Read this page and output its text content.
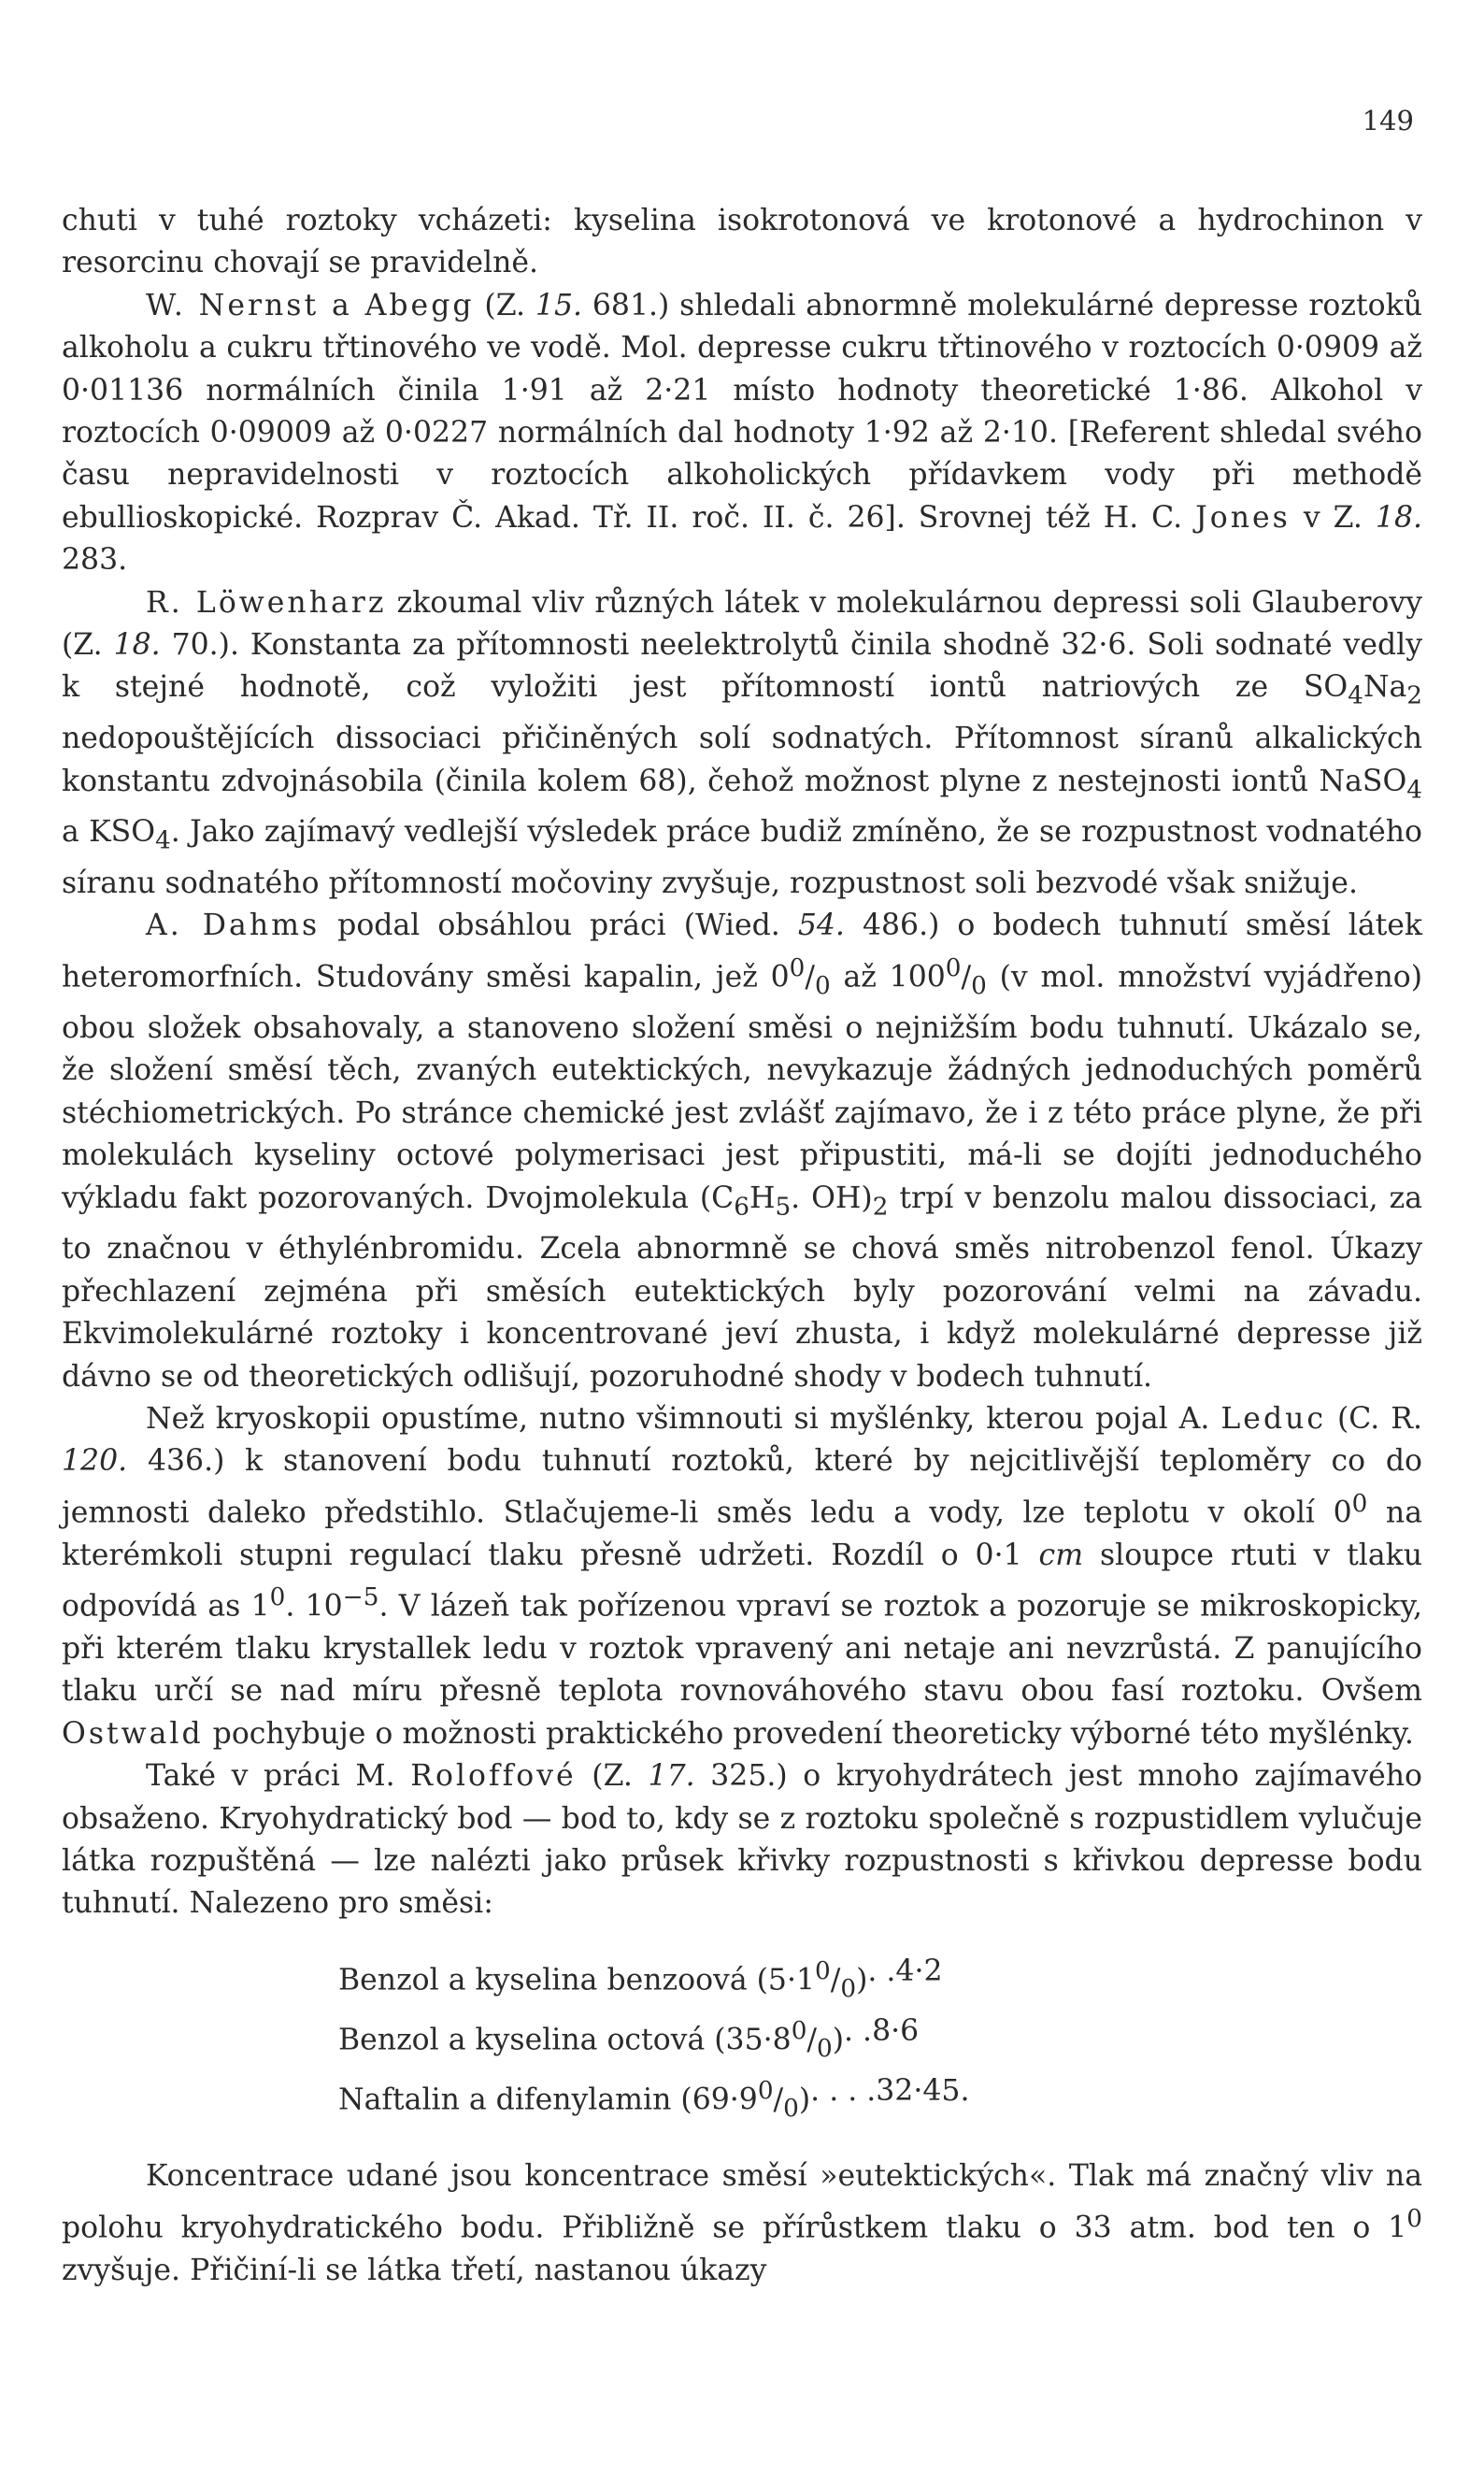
149

chuti v tuhé roztoky vcházeti: kyselina isokrotonová ve krotonové a hydrochinon v resorcinu chovají se pravidelně.

W. Nernst a Abegg (Z. 15. 681.) shledali abnormně molekulárné depresse roztoků alkoholu a cukru třtinového ve vodě. Mol. depresse cukru třtinového v roztocích 0·0909 až 0·01136 normálních činila 1·91 až 2·21 místo hodnoty theoretické 1·86. Alkohol v roztocích 0·09009 až 0·0227 normálních dal hodnoty 1·92 až 2·10. [Referent shledal svého času nepravidelnosti v roztocích alkoholických přídavkem vody při methodě ebullioskopické. Rozprav Č. Akad. Tř. II. roč. II. č. 26]. Srovnej též H. C. Jones v Z. 18. 283.

R. Löwenharz zkoumal vliv různých látek v molekulárnou depressi soli Glauberovy (Z. 18. 70.). Konstanta za přítomnosti neelektrolytů činila shodně 32·6. Soli sodnaté vedly k stejné hodnotě, což vyložiti jest přítomností iontů natriových ze $SO_4Na_2$ nedopouštějících dissociaci přičiněných solí sodnatých. Přítomnost síranů alkalických konstantu zdvojnásobila (činila kolem 68), čehož možnost plyne z nestejnosti iontů NaSO$_4$ a $KSO_4$. Jako zajímavý vedlejší výsledek práce budiž zmíněno, že se rozpustnost vodnatého síranu sodnatého přítomností močoviny zvyšuje, rozpustnost soli bezvodé však snižuje.

A. Dahms podal obsáhlou práci (Wied. 54. 486.) o bodech tuhnutí směsí látek heteromorfních. Studovány směsi kapalin, jež $0^0/_0$ až $100^0/_0$ (v mol. množství vyjádřeno) obou složek obsahovaly, a stanoveno složení směsi o nejnižším bodu tuhnutí. Ukázalo se, že složení směsí těch, zvaných eutektických, nevykazuje žádných jednoduchých poměrů stéchiometrických. Po stránce chemické jest zvlášť zajímavo, že i z této práce plyne, že při molekulách kyseliny octové polymerisaci jest připustiti, má-li se dojíti jednoduchého výkladu fakt pozorovaných. Dvojmolekula ($C_6H_5$. $OH)_2$ trpí v benzolu malou dissociaci, za to značnou v éthylénbromidu. Zcela abnormně se chová směs nitrobenzol fenol. Úkazy přechlazení zejména při směsích eutektických byly pozorování velmi na závadu. Ekvimolekulárné roztoky i koncentrované jeví zhusta, i když molekulárné depresse již dávno se od theoretických odlišují, pozoruhodné shody v bodech tuhnutí.

Než kryoskopii opustíme, nutno všimnouti si myšlénky, kterou pojal A. Leduc (C. R. 120. 436.) k stanovení bodu tuhnutí roztoků, které by nejcitlivější teploměry co do jemnosti daleko předstihlo. Stlačujeme-li směs ledu a vody, lze teplotu v okolí $0^0$ na kterémkoli stupni regulací tlaku přesně udržeti. Rozdíl o 0·1 cm sloupce rtuti v tlaku odpovídá as $1^0$. $10^{-5}$. V lázeň tak pořízenou vpraví se roztok a pozoruje se mikroskopicky, při kterém tlaku krystallek ledu v roztok vpravený ani netaje ani nevzrůstá. Z panujícího tlaku určí se nad míru přesně teplota rovnováhového stavu obou fasí roztoku. Ovšem Ostwald pochybuje o možnosti praktického provedení theoreticky výborné této myšlénky.

Také v práci M. Roloffové (Z. 17. 325.) o kryohydrátech jest mnoho zajímavého obsaženo. Kryohydratický bod — bod to, kdy se z roztoku společně s rozpustidlem vylučuje látka rozpuštěná — lze nalézti jako průsek křivky rozpustnosti s křivkou depresse bodu tuhnutí. Nalezeno pro směsi:

Benzol a kyselina benzoová $(5\cdot 1^0/_0)$ . . 4·2
Benzol a kyselina octová $(35\cdot 8^0/_0)$ . . 8·6
Naftalin a difenylamin $(69\cdot 9^0/_0)$ . . . . 32·45.

Koncentrace udané jsou koncentrace směsí »eutektických«. Tlak má značný vliv na polohu kryohydratického bodu. Přibližně se přírůstkem tlaku o 33 atm. bod ten o $1^0$ zvyšuje. Přičiní-li se látka třetí, nastanou úkazy
